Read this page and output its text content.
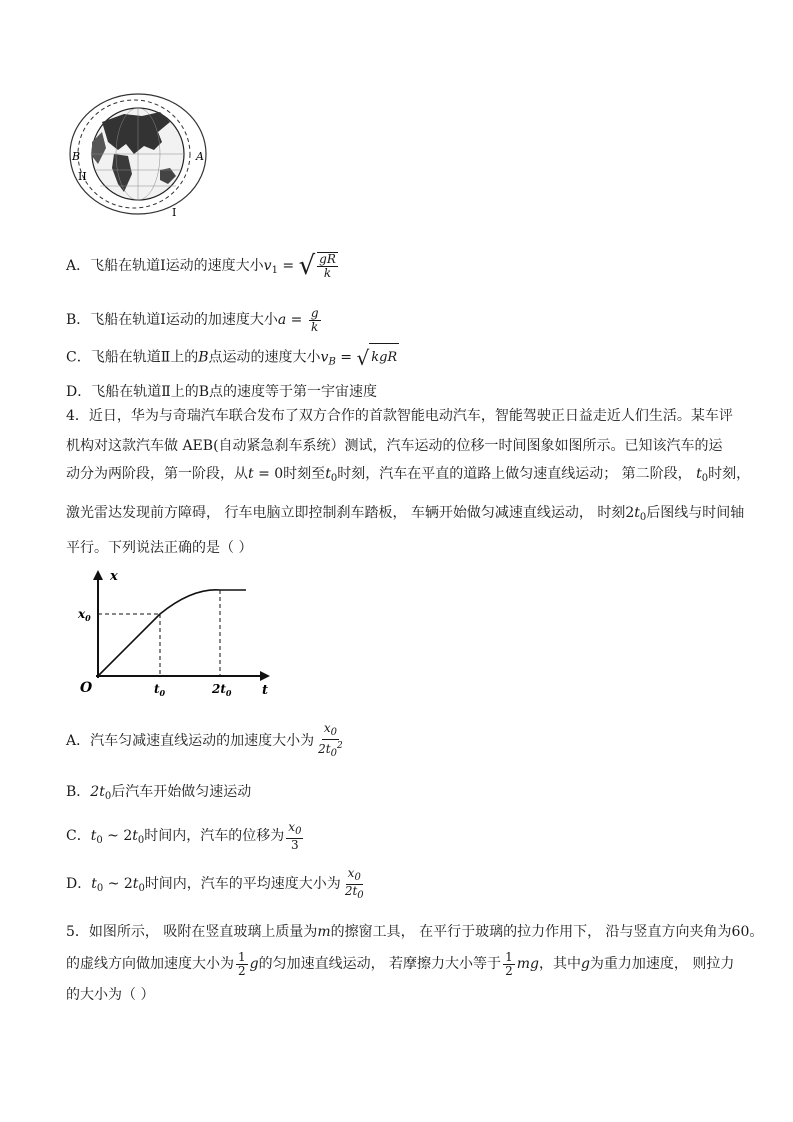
B	A
II
I
A．飞船在轨道Ⅰ运动的速度大小$v_1$ = √ $\frac{gR}{k}$
B．飞船在轨道Ⅰ运动的加速度大小$a = \frac{g}{k}$
C．飞船在轨道Ⅱ上的B点运动的速度大小$v_B$ = √ kgR
D．飞船在轨道Ⅱ上的B点的速度等于第一宇宙速度
4．近日，华为与奇瑞汽车联合发布了双方合作的首款智能电动汽车，智能驾驶正日益走近人们生活。某车评
机构对这款汽车做 AEB(自动紧急刹车系统）测试，汽车运动的位移一时间图象如图所示。已知该汽车的运
动分为两阶段，第一阶段，从t = 0时刻至$t_0$时刻，汽车在平直的道路上做匀速直线运动； 第二阶段， $t_0$时刻，
激光雷达发现前方障碍， 行车电脑立即控制刹车踏板， 车辆开始做匀减速直线运动， 时刻$2t_0$后图线与时间轴
平行。下列说法正确的是（ ）
x
t
O
$x_0$
$t_0$	$2t_0$
A．汽车匀减速直线运动的加速度大小为 $\frac{x_0}{2t_0^2}$
B．$2t_0$后汽车开始做匀速运动
C．$t_0$ ~ $2t_0$时间内，汽车的位移为 $\frac{x_0}{3}$
D．$t_0$ ~ $2t_0$时间内，汽车的平均速度大小为 $\frac{x_0}{2t_0}$
5．如图所示， 吸附在竖直玻璃上质量为m的擦窗工具， 在平行于玻璃的拉力作用下， 沿与竖直方向夹角为60。
的虚线方向做加速度大小为 $\frac{1}{2}$ g的匀加速直线运动， 若摩擦力大小等于 $\frac{1}{2}$ mg，其中g为重力加速度， 则拉力
的大小为（ ）
